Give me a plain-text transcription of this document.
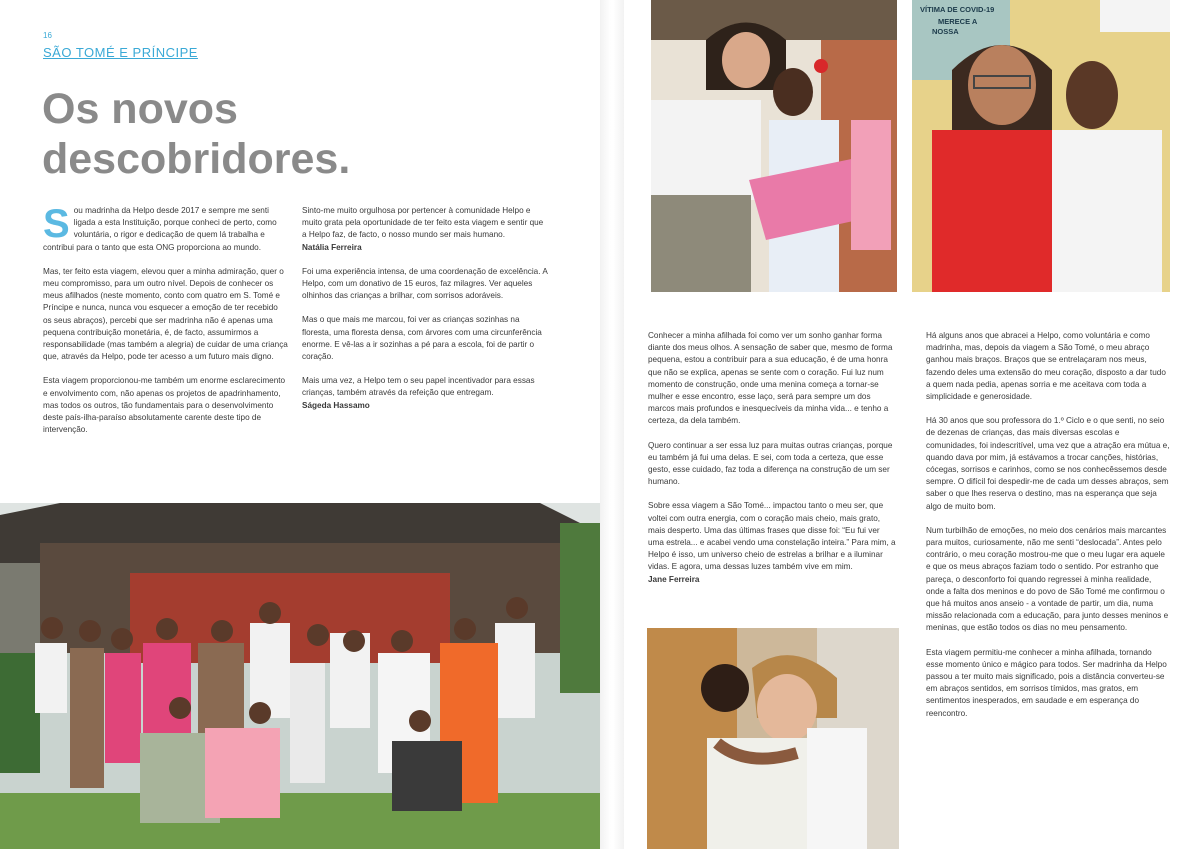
16
SÃO TOMÉ E PRÍNCIPE
Os novos descobridores.

Sou madrinha da Helpo desde 2017 e sempre me senti ligada a esta Instituição, porque conheci de perto, como voluntária, o rigor e dedicação de quem lá trabalha e contribui para o tanto que esta ONG proporciona ao mundo.

Mas, ter feito esta viagem, elevou quer a minha admiração, quer o meu compromisso, para um outro nível. Depois de conhecer os meus afilhados (neste momento, conto com quatro em S. Tomé e Príncipe e nunca, nunca vou esquecer a emoção de ter recebido os seus abraços), percebi que ser madrinha não é apenas uma pequena contribuição monetária, é, de facto, assumirmos a responsabilidade (mas também a alegria) de cuidar de uma criança que, através da Helpo, pode ter acesso a um futuro mais digno.

Esta viagem proporcionou-me também um enorme esclarecimento e envolvimento com, não apenas os projetos de apadrinhamento, mas todos os outros, tão fundamentais para o desenvolvimento deste país-ilha-paraíso absolutamente carente deste tipo de intervenção.

Sinto-me muito orgulhosa por pertencer à comunidade Helpo e muito grata pela oportunidade de ter feito esta viagem e sentir que a Helpo faz, de facto, o nosso mundo ser mais humano.
Natália Ferreira

Foi uma experiência intensa, de uma coordenação de excelência. A Helpo, com um donativo de 15 euros, faz milagres. Ver aqueles olhinhos das crianças a brilhar, com sorrisos adoráveis.

Mas o que mais me marcou, foi ver as crianças sozinhas na floresta, uma floresta densa, com árvores com uma circunferência enorme. E vê-las a ir sozinhas a pé para a escola, foi de partir o coração.

Mais uma vez, a Helpo tem o seu papel incentivador para essas crianças, também através da refeição que entregam.
Ságeda Hassamo

VÍTIMA DE COVID-19
MERECE A
NOSSA

Conhecer a minha afilhada foi como ver um sonho ganhar forma diante dos meus olhos. A sensação de saber que, mesmo de forma pequena, estou a contribuir para a sua educação, é de uma honra que não se explica, apenas se sente com o coração. Fui luz num momento de construção, onde uma menina começa a tornar-se mulher e esse encontro, esse laço, será para sempre um dos marcos mais profundos e inesquecíveis da minha vida... e tenho a certeza, da dela também.

Quero continuar a ser essa luz para muitas outras crianças, porque eu também já fui uma delas. E sei, com toda a certeza, que esse gesto, esse cuidado, faz toda a diferença na construção de um ser humano.

Sobre essa viagem a São Tomé... impactou tanto o meu ser, que voltei com outra energia, com o coração mais cheio, mais grato, mais desperto. Uma das últimas frases que disse foi: “Eu fui ver uma estrela... e acabei vendo uma constelação inteira.” Para mim, a Helpo é isso, um universo cheio de estrelas a brilhar e a iluminar vidas. E agora, uma dessas luzes também vive em mim.
Jane Ferreira

Há alguns anos que abracei a Helpo, como voluntária e como madrinha, mas, depois da viagem a São Tomé, o meu abraço ganhou mais braços. Braços que se entrelaçaram nos meus, fazendo deles uma extensão do meu coração, disposto a dar tudo a quem nada pedia, apenas sorria e me aceitava com toda a simplicidade e generosidade.

Há 30 anos que sou professora do 1.º Ciclo e o que senti, no seio de dezenas de crianças, das mais diversas escolas e comunidades, foi indescritível, uma vez que a atração era mútua e, quando dava por mim, já estávamos a trocar canções, histórias, cócegas, sorrisos e carinhos, como se nos conhecêssemos desde sempre. O difícil foi despedir-me de cada um desses abraços, sem saber o que lhes reserva o destino, mas na esperança que seja algo de muito bom.

Num turbilhão de emoções, no meio dos cenários mais marcantes para muitos, curiosamente, não me senti “deslocada”. Antes pelo contrário, o meu coração mostrou-me que o meu lugar era aquele e que os meus abraços faziam todo o sentido. Por estranho que pareça, o desconforto foi quando regressei à minha realidade, onde a falta dos meninos e do povo de São Tomé me confirmou o que há muitos anos anseio - a vontade de partir, um dia, numa missão relacionada com a educação, para junto desses meninos e meninas, que estão todos os dias no meu pensamento.

Esta viagem permitiu-me conhecer a minha afilhada, tornando esse momento único e mágico para todos. Ser madrinha da Helpo passou a ter muito mais significado, pois a distância converteu-se em abraços sentidos, em sorrisos tímidos, mas gratos, em sentimentos inesperados, em saudade e em esperança do reencontro.
